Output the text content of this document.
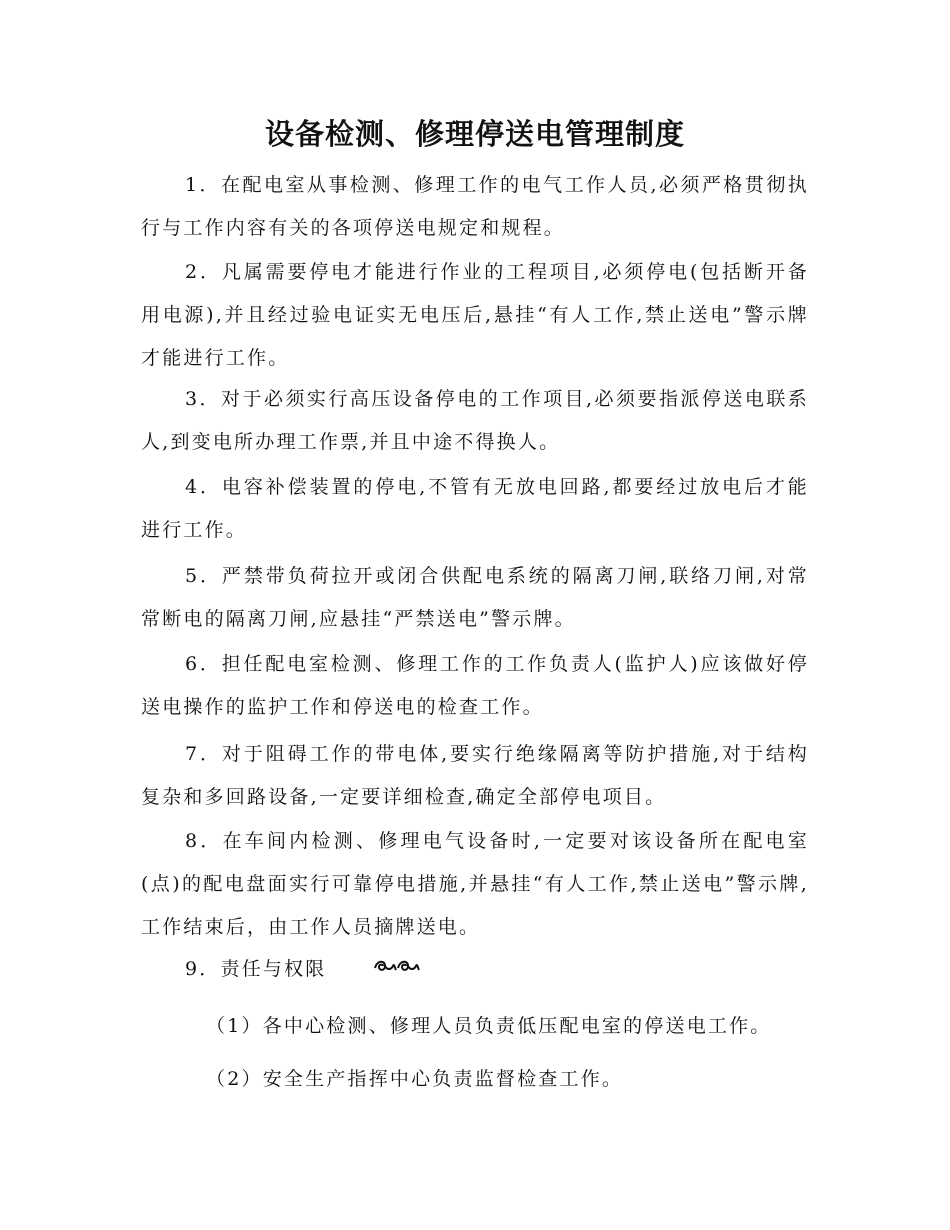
设备检测、修理停送电管理制度
1．在配电室从事检测、修理工作的电气工作人员,必须严格贯彻执行与工作内容有关的各项停送电规定和规程。
2．凡属需要停电才能进行作业的工程项目,必须停电(包括断开备用电源),并且经过验电证实无电压后,悬挂“有人工作,禁止送电”警示牌才能进行工作。
3．对于必须实行高压设备停电的工作项目,必须要指派停送电联系人,到变电所办理工作票,并且中途不得换人。
4．电容补偿装置的停电,不管有无放电回路,都要经过放电后才能进行工作。
5．严禁带负荷拉开或闭合供配电系统的隔离刀闸,联络刀闸,对常常断电的隔离刀闸,应悬挂“严禁送电”警示牌。
6．担任配电室检测、修理工作的工作负责人(监护人)应该做好停送电操作的监护工作和停送电的检查工作。
7．对于阻碍工作的带电体,要实行绝缘隔离等防护措施,对于结构复杂和多回路设备,一定要详细检查,确定全部停电项目。
8．在车间内检测、修理电气设备时,一定要对该设备所在配电室(点)的配电盘面实行可靠停电措施,并悬挂“有人工作,禁止送电”警示牌,工作结束后，由工作人员摘牌送电。
9．责任与权限
（1）各中心检测、修理人员负责低压配电室的停送电工作。
（2）安全生产指挥中心负责监督检查工作。
